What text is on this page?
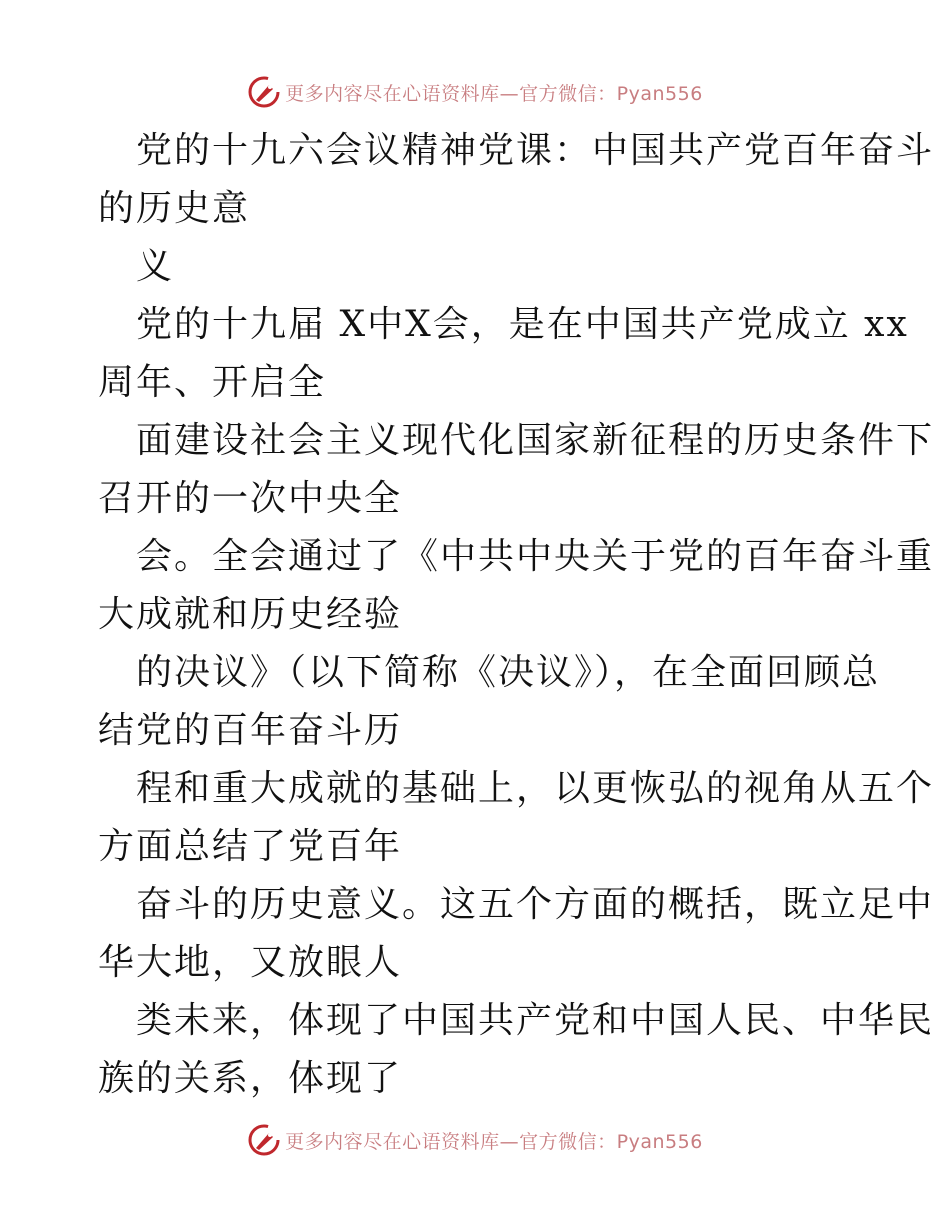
更多内容尽在心语资料库—官方微信：Pyan556
党的十九六会议精神党课：中国共产党百年奋斗
的历史意
义
党的十九届 X中X会，是在中国共产党成立 xx
周年、开启全
面建设社会主义现代化国家新征程的历史条件下
召开的一次中央全
会。全会通过了《中共中央关于党的百年奋斗重
大成就和历史经验
的决议》（以下简称《决议》），在全面回顾总
结党的百年奋斗历
程和重大成就的基础上，以更恢弘的视角从五个
方面总结了党百年
奋斗的历史意义。这五个方面的概括，既立足中
华大地，又放眼人
类未来，体现了中国共产党和中国人民、中华民
族的关系，体现了
更多内容尽在心语资料库—官方微信：Pyan556
